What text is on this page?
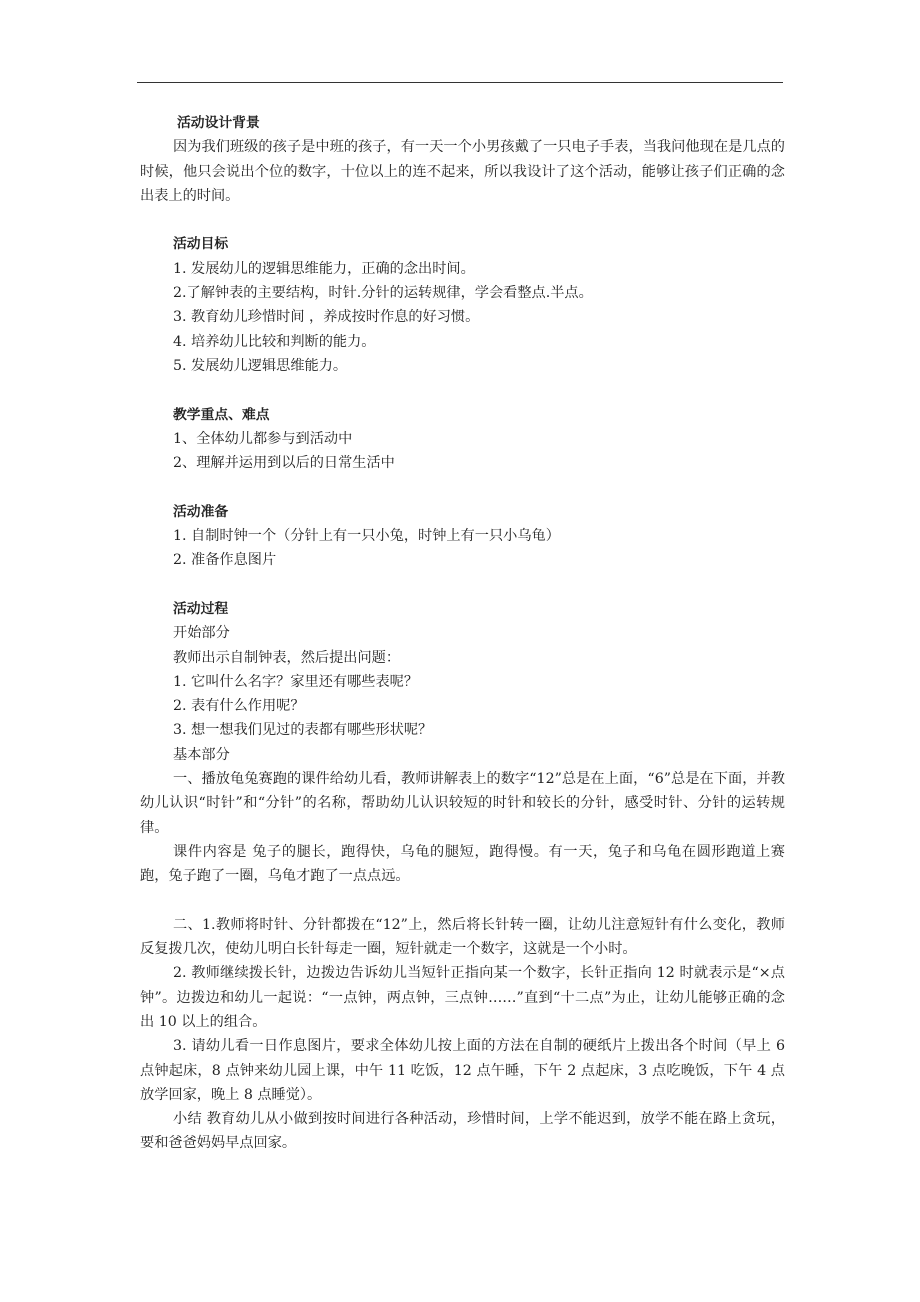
活动设计背景

因为我们班级的孩子是中班的孩子，有一天一个小男孩戴了一只电子手表，当我问他现在是几点的时候，他只会说出个位的数字，十位以上的连不起来，所以我设计了这个活动，能够让孩子们正确的念出表上的时间。

活动目标

1. 发展幼儿的逻辑思维能力，正确的念出时间。

2.了解钟表的主要结构，时针.分针的运转规律，学会看整点.半点。

3. 教育幼儿珍惜时间 ，养成按时作息的好习惯。

4. 培养幼儿比较和判断的能力。

5. 发展幼儿逻辑思维能力。

教学重点、难点

1、全体幼儿都参与到活动中

2、理解并运用到以后的日常生活中

活动准备

1. 自制时钟一个（分针上有一只小兔，时钟上有一只小乌龟）

2. 准备作息图片

活动过程

开始部分

教师出示自制钟表，然后提出问题：

1. 它叫什么名字？家里还有哪些表呢？

2. 表有什么作用呢？

3. 想一想我们见过的表都有哪些形状呢？

基本部分

一、播放龟兔赛跑的课件给幼儿看，教师讲解表上的数字“12”总是在上面，“6”总是在下面，并教幼儿认识“时针”和“分针”的名称，帮助幼儿认识较短的时针和较长的分针，感受时针、分针的运转规律。

课件内容是 兔子的腿长，跑得快，乌龟的腿短，跑得慢。有一天，兔子和乌龟在圆形跑道上赛跑，兔子跑了一圈，乌龟才跑了一点点远。

二、1.教师将时针、分针都拨在“12”上，然后将长针转一圈，让幼儿注意短针有什么变化，教师反复拨几次，使幼儿明白长针每走一圈，短针就走一个数字，这就是一个小时。

2. 教师继续拨长针，边拨边告诉幼儿当短针正指向某一个数字，长针正指向 12 时就表示是“×点钟”。边拨边和幼儿一起说：“一点钟，两点钟，三点钟……”直到“十二点”为止，让幼儿能够正确的念出 10 以上的组合。

3. 请幼儿看一日作息图片，要求全体幼儿按上面的方法在自制的硬纸片上拨出各个时间（早上 6 点钟起床，8 点钟来幼儿园上课，中午 11 吃饭，12 点午睡，下午 2 点起床，3 点吃晚饭，下午 4 点放学回家，晚上 8 点睡觉）。

小结 教育幼儿从小做到按时间进行各种活动，珍惜时间，上学不能迟到，放学不能在路上贪玩，要和爸爸妈妈早点回家。
